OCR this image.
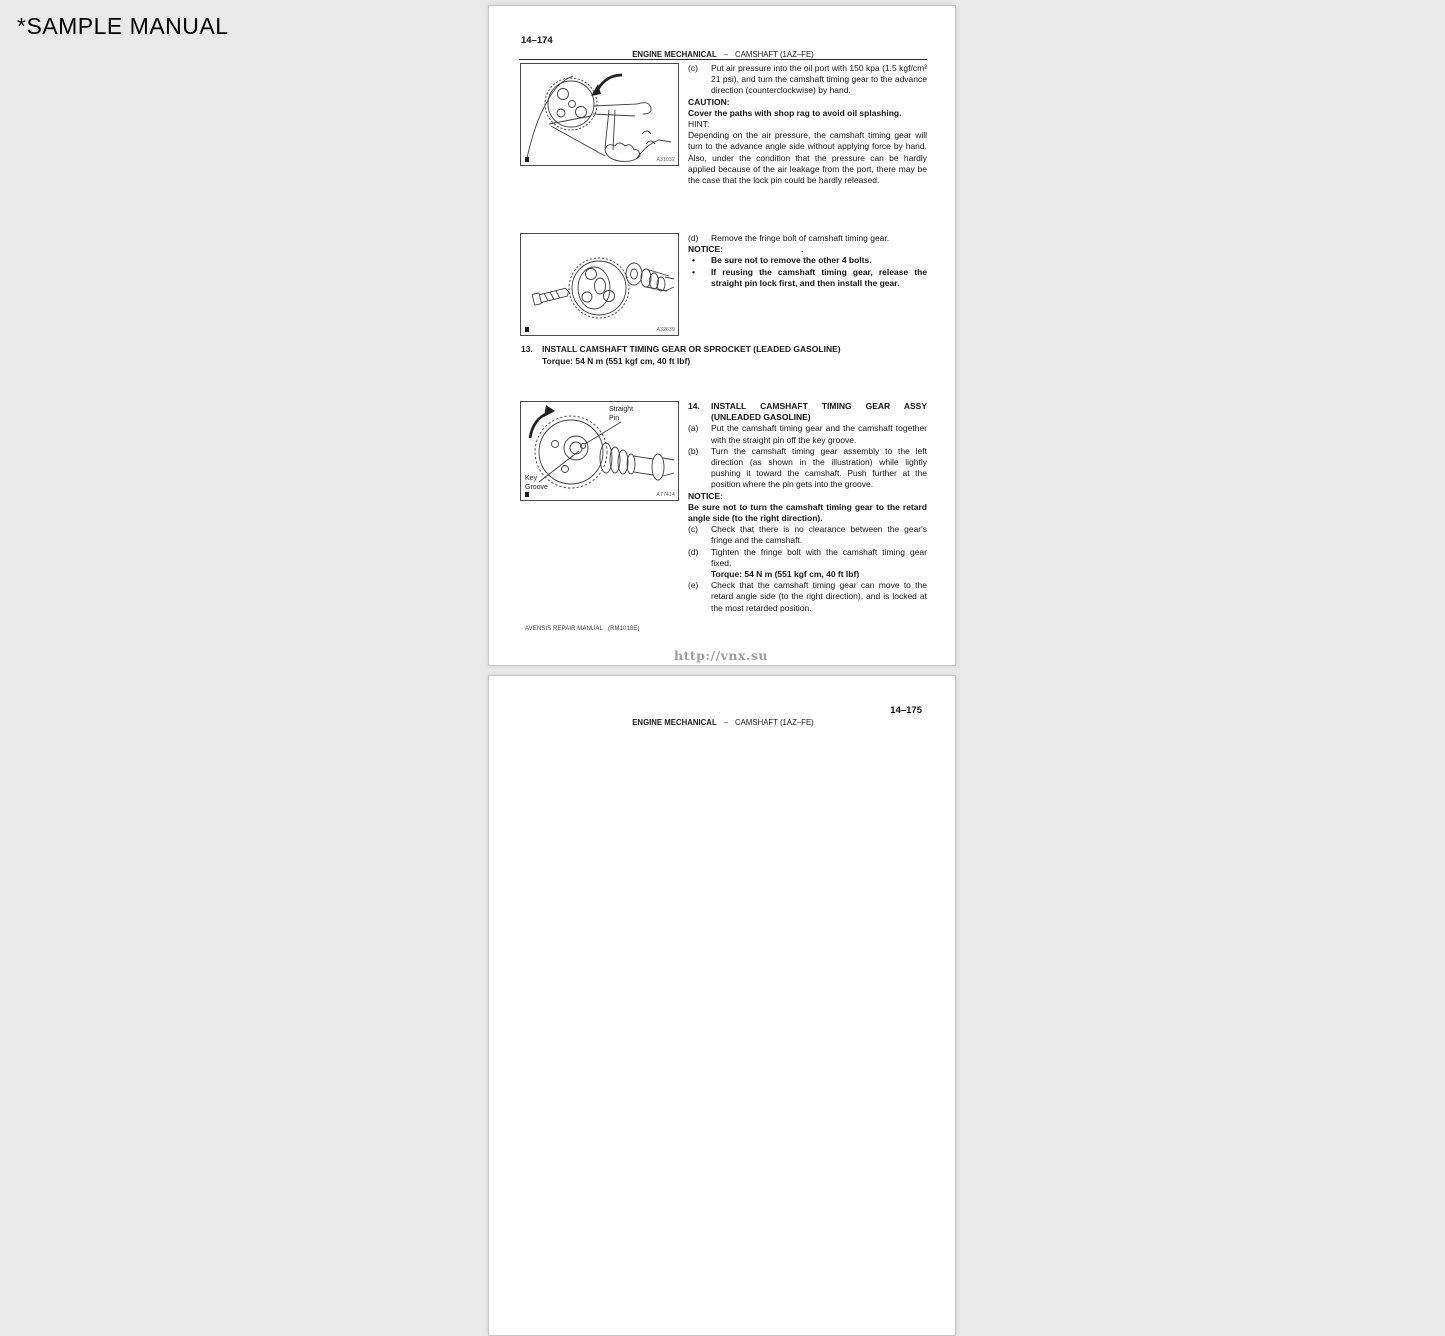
*SAMPLE MANUAL
14–174
ENGINE MECHANICAL – CAMSHAFT (1AZ–FE)
A31032
(c) Put air pressure into the oil port with 150 kpa (1.5 kgf/cm² 21 psi), and turn the camshaft timing gear to the advance direction (counterclockwise) by hand.
CAUTION:
Cover the paths with shop rag to avoid oil splashing.
HINT:
Depending on the air pressure, the camshaft timing gear will turn to the advance angle side without applying force by hand. Also, under the condition that the pressure can be hardly applied because of the air leakage from the port, there may be the case that the lock pin could be hardly released.
A32639
(d) Remove the fringe bolt of camshaft timing gear.
NOTICE:	.
• Be sure not to remove the other 4 bolts.
• If reusing the camshaft timing gear, release the straight pin lock first, and then install the gear.
13. INSTALL CAMSHAFT TIMING GEAR OR SPROCKET (LEADED GASOLINE)
Torque: 54 N m (551 kgf cm, 40 ft lbf)
Straight Pin
Key Groove
A77414
14. INSTALL CAMSHAFT TIMING GEAR ASSY
(UNLEADED GASOLINE)
(a) Put the camshaft timing gear and the camshaft together with the straight pin off the key groove.
(b) Turn the camshaft timing gear assembly to the left direction (as shown in the illustration) while lightly pushing it toward the camshaft. Push further at the position where the pin gets into the groove.
NOTICE:
Be sure not to turn the camshaft timing gear to the retard angle side (to the right direction).
(c) Check that there is no clearance between the gear's fringe and the camshaft.
(d) Tighten the fringe bolt with the camshaft timing gear fixed.
Torque: 54 N m (551 kgf cm, 40 ft lbf)
(e) Check that the camshaft timing gear can move to the retard angle side (to the right direction), and is locked at the most retarded position.
AVENSIS REPAIR MANUAL   (RM1018E)
http://vnx.su
14–175
ENGINE MECHANICAL – CAMSHAFT (1AZ–FE)
